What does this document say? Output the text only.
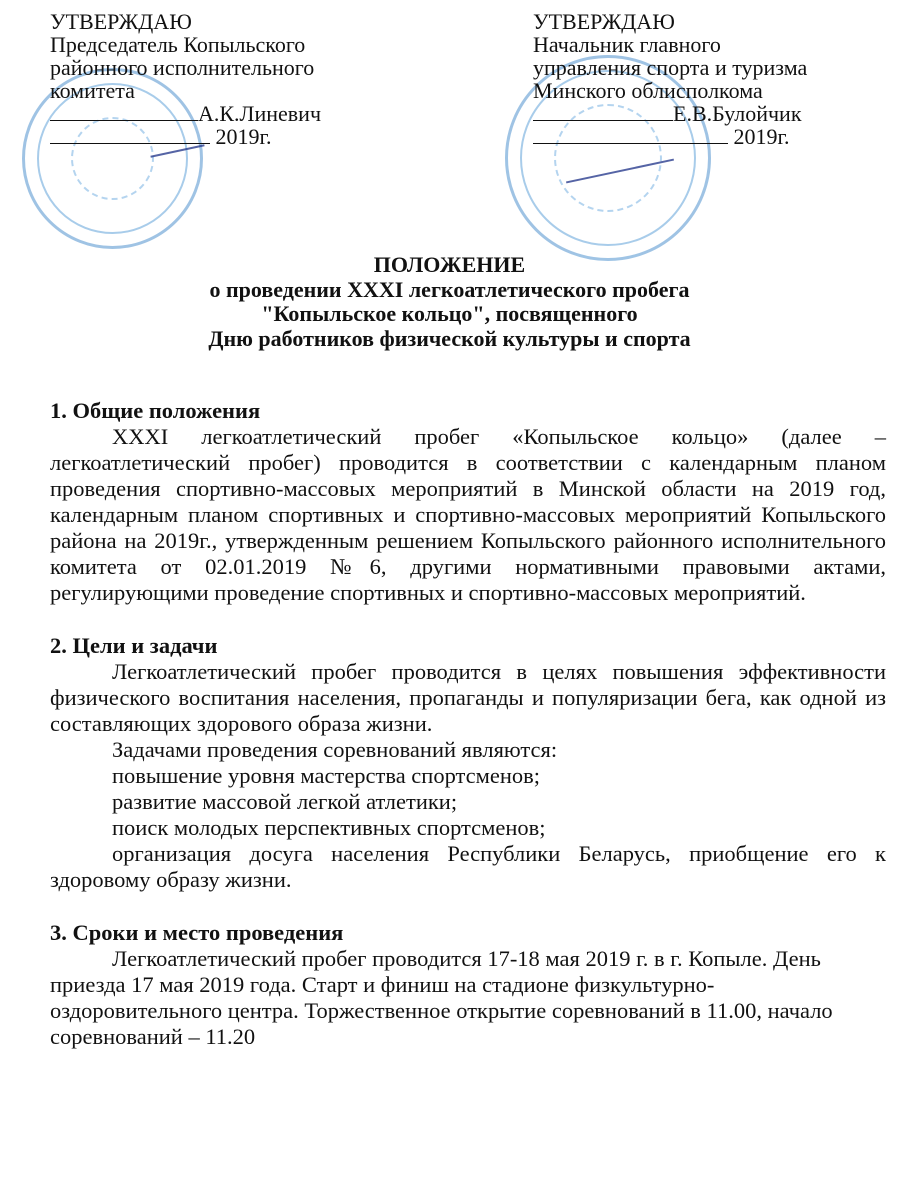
УТВЕРЖДАЮ
Председатель Копыльского
районного исполнительного
комитета
А.К.Линевич
2019г.
УТВЕРЖДАЮ
Начальник главного
управления спорта и туризма
Минского облисполкома
Е.В.Булойчик
2019г.
ПОЛОЖЕНИЕ
о проведении XXXI легкоатлетического пробега
"Копыльское кольцо", посвященного
Дню работников физической культуры и спорта

1. Общие положения

XXXI легкоатлетический пробег «Копыльское кольцо» (далее – легкоатлетический пробег) проводится в соответствии с календарным планом проведения спортивно-массовых мероприятий в Минской области на 2019 год, календарным планом спортивных и спортивно-массовых мероприятий Копыльского района на 2019г., утвержденным решением Копыльского районного исполнительного комитета от 02.01.2019 №6, другими нормативными правовыми актами, регулирующими проведение спортивных и спортивно-массовых мероприятий.

2. Цели и задачи

Легкоатлетический пробег проводится в целях повышения эффективности физического воспитания населения, пропаганды и популяризации бега, как одной из составляющих здорового образа жизни.

Задачами проведения соревнований являются:

повышение уровня мастерства спортсменов;

развитие массовой легкой атлетики;

поиск молодых перспективных спортсменов;

организация досуга населения Республики Беларусь, приобщение его к здоровому образу жизни.

3. Сроки и место проведения

Легкоатлетический пробег проводится 17-18 мая 2019 г. в г. Копыле. День приезда 17 мая 2019 года. Старт и финиш на стадионе физкультурно-оздоровительного центра. Торжественное открытие соревнований в 11.00, начало соревнований – 11.20
